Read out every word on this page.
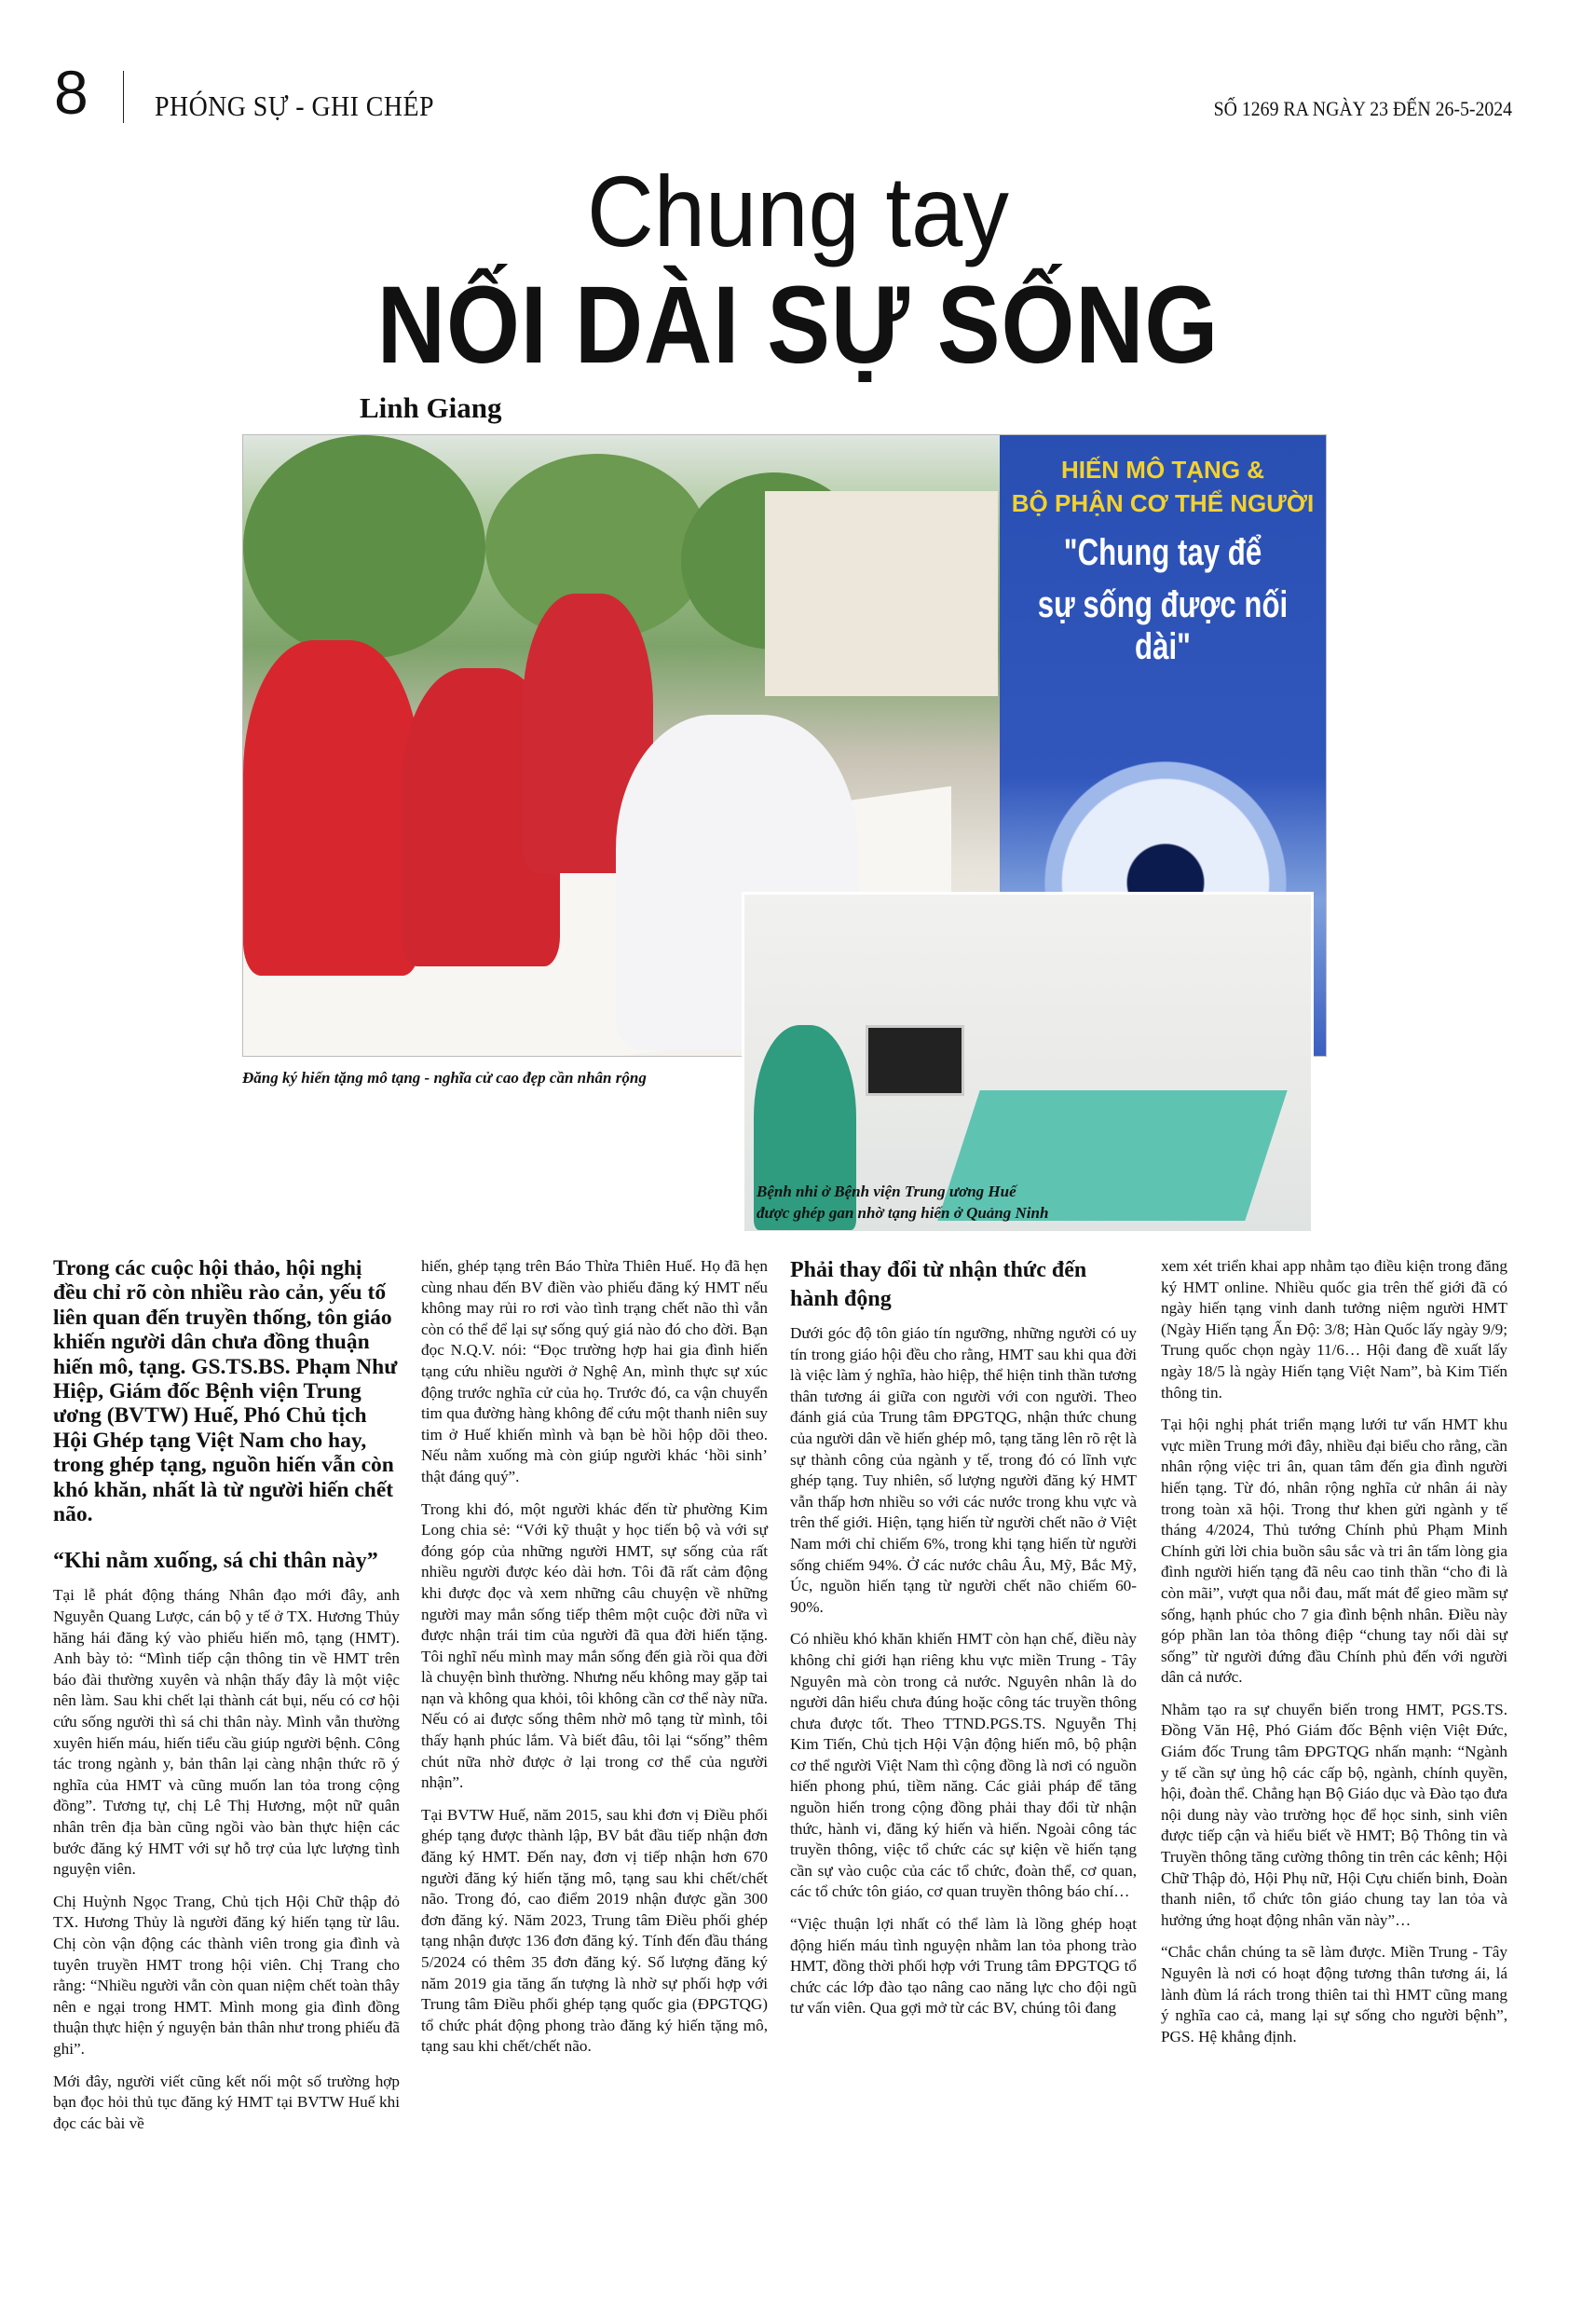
8 PHÓNG SỰ - GHI CHÉP	SỐ 1269 RA NGÀY 23 ĐẾN 26-5-2024
Chung tay
NỐI DÀI SỰ SỐNG
Linh Giang
HIẾN MÔ TẠNG &
BỘ PHẬN CƠ THỂ NGƯỜI
"Chung tay để
sự sống được nối dài"
Đăng ký hiến tặng mô tạng - nghĩa cử cao đẹp cần nhân rộng
Bệnh nhi ở Bệnh viện Trung ương Huế
được ghép gan nhờ tạng hiến ở Quảng Ninh

Trong các cuộc hội thảo, hội nghị đều chỉ rõ còn nhiều rào cản, yếu tố liên quan đến truyền thống, tôn giáo khiến người dân chưa đồng thuận hiến mô, tạng. GS.TS.BS. Phạm Như Hiệp, Giám đốc Bệnh viện Trung ương (BVTW) Huế, Phó Chủ tịch Hội Ghép tạng Việt Nam cho hay, trong ghép tạng, nguồn hiến vẫn còn khó khăn, nhất là từ người hiến chết não.

“Khi nằm xuống, sá chi thân này”

Tại lễ phát động tháng Nhân đạo mới đây, anh Nguyễn Quang Lược, cán bộ y tế ở TX. Hương Thủy hăng hái đăng ký vào phiếu hiến mô, tạng (HMT). Anh bày tỏ: “Mình tiếp cận thông tin về HMT trên báo đài thường xuyên và nhận thấy đây là một việc nên làm. Sau khi chết lại thành cát bụi, nếu có cơ hội cứu sống người thì sá chi thân này. Mình vẫn thường xuyên hiến máu, hiến tiểu cầu giúp người bệnh. Công tác trong ngành y, bản thân lại càng nhận thức rõ ý nghĩa của HMT và cũng muốn lan tỏa trong cộng đồng”. Tương tự, chị Lê Thị Hương, một nữ quân nhân trên địa bàn cũng ngồi vào bàn thực hiện các bước đăng ký HMT với sự hỗ trợ của lực lượng tình nguyện viên.

Chị Huỳnh Ngọc Trang, Chủ tịch Hội Chữ thập đỏ TX. Hương Thủy là người đăng ký hiến tạng từ lâu. Chị còn vận động các thành viên trong gia đình và tuyên truyền HMT trong hội viên. Chị Trang cho rằng: “Nhiều người vẫn còn quan niệm chết toàn thây nên e ngại trong HMT. Mình mong gia đình đồng thuận thực hiện ý nguyện bản thân như trong phiếu đã ghi”.

Mới đây, người viết cũng kết nối một số trường hợp bạn đọc hỏi thủ tục đăng ký HMT tại BVTW Huế khi đọc các bài về

hiến, ghép tạng trên Báo Thừa Thiên Huế. Họ đã hẹn cùng nhau đến BV điền vào phiếu đăng ký HMT nếu không may rủi ro rơi vào tình trạng chết não thì vẫn còn có thể để lại sự sống quý giá nào đó cho đời. Bạn đọc N.Q.V. nói: “Đọc trường hợp hai gia đình hiến tạng cứu nhiều người ở Nghệ An, mình thực sự xúc động trước nghĩa cử của họ. Trước đó, ca vận chuyển tim qua đường hàng không để cứu một thanh niên suy tim ở Huế khiến mình và bạn bè hồi hộp dõi theo. Nếu nằm xuống mà còn giúp người khác ‘hồi sinh’ thật đáng quý”.

Trong khi đó, một người khác đến từ phường Kim Long chia sẻ: “Với kỹ thuật y học tiến bộ và với sự đóng góp của những người HMT, sự sống của rất nhiều người được kéo dài hơn. Tôi đã rất cảm động khi được đọc và xem những câu chuyện về những người may mắn sống tiếp thêm một cuộc đời nữa vì được nhận trái tim của người đã qua đời hiến tặng. Tôi nghĩ nếu mình may mắn sống đến già rồi qua đời là chuyện bình thường. Nhưng nếu không may gặp tai nạn và không qua khỏi, tôi không cần cơ thể này nữa. Nếu có ai được sống thêm nhờ mô tạng từ mình, tôi thấy hạnh phúc lắm. Và biết đâu, tôi lại “sống” thêm chút nữa nhờ được ở lại trong cơ thể của người nhận”.

Tại BVTW Huế, năm 2015, sau khi đơn vị Điều phối ghép tạng được thành lập, BV bắt đầu tiếp nhận đơn đăng ký HMT. Đến nay, đơn vị tiếp nhận hơn 670 người đăng ký hiến tặng mô, tạng sau khi chết/chết não. Trong đó, cao điểm 2019 nhận được gần 300 đơn đăng ký. Năm 2023, Trung tâm Điều phối ghép tạng nhận được 136 đơn đăng ký. Tính đến đầu tháng 5/2024 có thêm 35 đơn đăng ký. Số lượng đăng ký năm 2019 gia tăng ấn tượng là nhờ sự phối hợp với Trung tâm Điều phối ghép tạng quốc gia (ĐPGTQG) tổ chức phát động phong trào đăng ký hiến tặng mô, tạng sau khi chết/chết não.

Phải thay đổi từ nhận thức đến hành động

Dưới góc độ tôn giáo tín ngưỡng, những người có uy tín trong giáo hội đều cho rằng, HMT sau khi qua đời là việc làm ý nghĩa, hào hiệp, thể hiện tinh thần tương thân tương ái giữa con người với con người. Theo đánh giá của Trung tâm ĐPGTQG, nhận thức chung của người dân về hiến ghép mô, tạng tăng lên rõ rệt là sự thành công của ngành y tế, trong đó có lĩnh vực ghép tạng. Tuy nhiên, số lượng người đăng ký HMT vẫn thấp hơn nhiều so với các nước trong khu vực và trên thế giới. Hiện, tạng hiến từ người chết não ở Việt Nam mới chỉ chiếm 6%, trong khi tạng hiến từ người sống chiếm 94%. Ở các nước châu Âu, Mỹ, Bắc Mỹ, Úc, nguồn hiến tạng từ người chết não chiếm 60-90%.

Có nhiều khó khăn khiến HMT còn hạn chế, điều này không chỉ giới hạn riêng khu vực miền Trung - Tây Nguyên mà còn trong cả nước. Nguyên nhân là do người dân hiểu chưa đúng hoặc công tác truyền thông chưa được tốt. Theo TTND.PGS.TS. Nguyễn Thị Kim Tiến, Chủ tịch Hội Vận động hiến mô, bộ phận cơ thể người Việt Nam thì cộng đồng là nơi có nguồn hiến phong phú, tiềm năng. Các giải pháp để tăng nguồn hiến trong cộng đồng phải thay đổi từ nhận thức, hành vi, đăng ký hiến và hiến. Ngoài công tác truyền thông, việc tổ chức các sự kiện về hiến tạng cần sự vào cuộc của các tổ chức, đoàn thể, cơ quan, các tổ chức tôn giáo, cơ quan truyền thông báo chí…

“Việc thuận lợi nhất có thể làm là lồng ghép hoạt động hiến máu tình nguyện nhằm lan tỏa phong trào HMT, đồng thời phối hợp với Trung tâm ĐPGTQG tổ chức các lớp đào tạo nâng cao năng lực cho đội ngũ tư vấn viên. Qua gợi mở từ các BV, chúng tôi đang

xem xét triển khai app nhằm tạo điều kiện trong đăng ký HMT online. Nhiều quốc gia trên thế giới đã có ngày hiến tạng vinh danh tưởng niệm người HMT (Ngày Hiến tạng Ấn Độ: 3/8; Hàn Quốc lấy ngày 9/9; Trung quốc chọn ngày 11/6… Hội đang đề xuất lấy ngày 18/5 là ngày Hiến tạng Việt Nam”, bà Kim Tiến thông tin.

Tại hội nghị phát triển mạng lưới tư vấn HMT khu vực miền Trung mới đây, nhiều đại biểu cho rằng, cần nhân rộng việc tri ân, quan tâm đến gia đình người hiến tạng. Từ đó, nhân rộng nghĩa cử nhân ái này trong toàn xã hội. Trong thư khen gửi ngành y tế tháng 4/2024, Thủ tướng Chính phủ Phạm Minh Chính gửi lời chia buồn sâu sắc và tri ân tấm lòng gia đình người hiến tạng đã nêu cao tinh thần “cho đi là còn mãi”, vượt qua nỗi đau, mất mát để gieo mầm sự sống, hạnh phúc cho 7 gia đình bệnh nhân. Điều này góp phần lan tỏa thông điệp “chung tay nối dài sự sống” từ người đứng đầu Chính phủ đến với người dân cả nước.

Nhằm tạo ra sự chuyển biến trong HMT, PGS.TS. Đồng Văn Hệ, Phó Giám đốc Bệnh viện Việt Đức, Giám đốc Trung tâm ĐPGTQG nhấn mạnh: “Ngành y tế cần sự ủng hộ các cấp bộ, ngành, chính quyền, hội, đoàn thể. Chẳng hạn Bộ Giáo dục và Đào tạo đưa nội dung này vào trường học để học sinh, sinh viên được tiếp cận và hiểu biết về HMT; Bộ Thông tin và Truyền thông tăng cường thông tin trên các kênh; Hội Chữ Thập đỏ, Hội Phụ nữ, Hội Cựu chiến binh, Đoàn thanh niên, tổ chức tôn giáo chung tay lan tỏa và hưởng ứng hoạt động nhân văn này”…

“Chắc chắn chúng ta sẽ làm được. Miền Trung - Tây Nguyên là nơi có hoạt động tương thân tương ái, lá lành đùm lá rách trong thiên tai thì HMT cũng mang ý nghĩa cao cả, mang lại sự sống cho người bệnh”, PGS. Hệ khẳng định.
